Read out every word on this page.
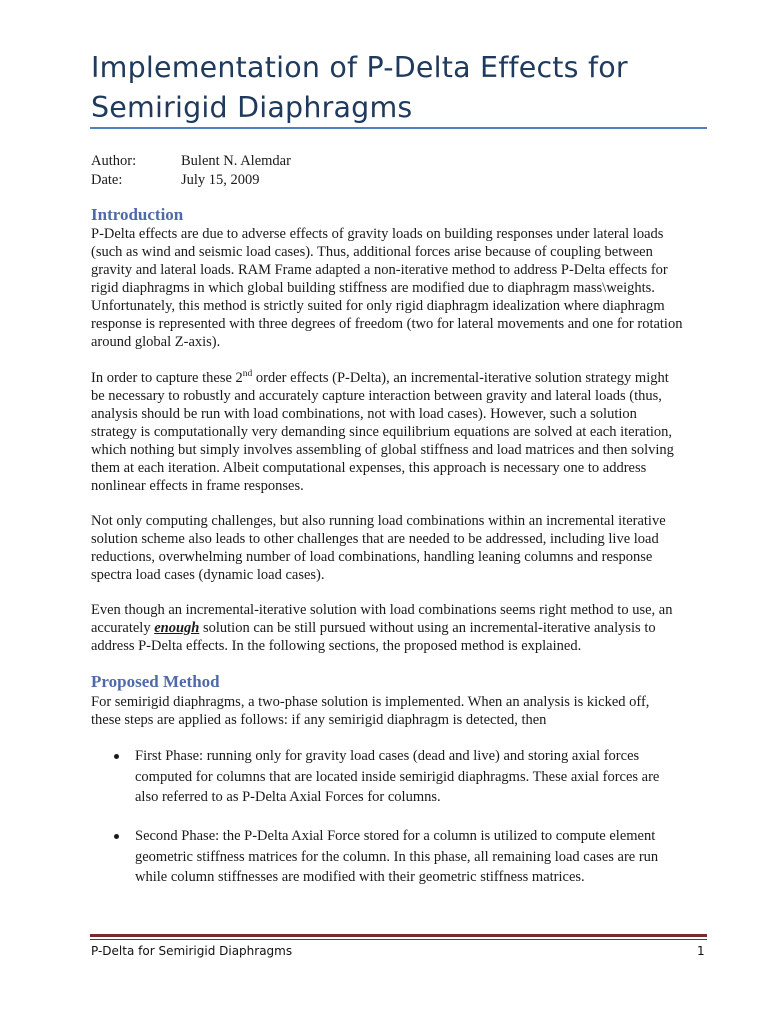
Implementation of P-Delta Effects for
Semirigid Diaphragms
Author:	Bulent N. Alemdar
Date:	July 15, 2009
Introduction
P-Delta effects are due to adverse effects of gravity loads on building responses under lateral loads
(such as wind and seismic load cases). Thus, additional forces arise because of coupling between
gravity and lateral loads. RAM Frame adapted a non-iterative method to address P-Delta effects for
rigid diaphragms in which global building stiffness are modified due to diaphragm mass\weights.
Unfortunately, this method is strictly suited for only rigid diaphragm idealization where diaphragm
response is represented with three degrees of freedom (two for lateral movements and one for rotation
around global Z-axis).
In order to capture these 2nd order effects (P-Delta), an incremental-iterative solution strategy might
be necessary to robustly and accurately capture interaction between gravity and lateral loads (thus,
analysis should be run with load combinations, not with load cases). However, such a solution
strategy is computationally very demanding since equilibrium equations are solved at each iteration,
which nothing but simply involves assembling of global stiffness and load matrices and then solving
them at each iteration. Albeit computational expenses, this approach is necessary one to address
nonlinear effects in frame responses.
Not only computing challenges, but also running load combinations within an incremental iterative
solution scheme also leads to other challenges that are needed to be addressed, including live load
reductions, overwhelming number of load combinations, handling leaning columns and response
spectra load cases (dynamic load cases).
Even though an incremental-iterative solution with load combinations seems right method to use, an
accurately enough solution can be still pursued without using an incremental-iterative analysis to
address P-Delta effects. In the following sections, the proposed method is explained.
Proposed Method
For semirigid diaphragms, a two-phase solution is implemented. When an analysis is kicked off,
these steps are applied as follows: if any semirigid diaphragm is detected, then
First Phase: running only for gravity load cases (dead and live) and storing axial forces
computed for columns that are located inside semirigid diaphragms. These axial forces are
also referred to as P-Delta Axial Forces for columns.
Second Phase: the P-Delta Axial Force stored for a column is utilized to compute element
geometric stiffness matrices for the column. In this phase, all remaining load cases are run
while column stiffnesses are modified with their geometric stiffness matrices.
P-Delta for Semirigid Diaphragms	1
